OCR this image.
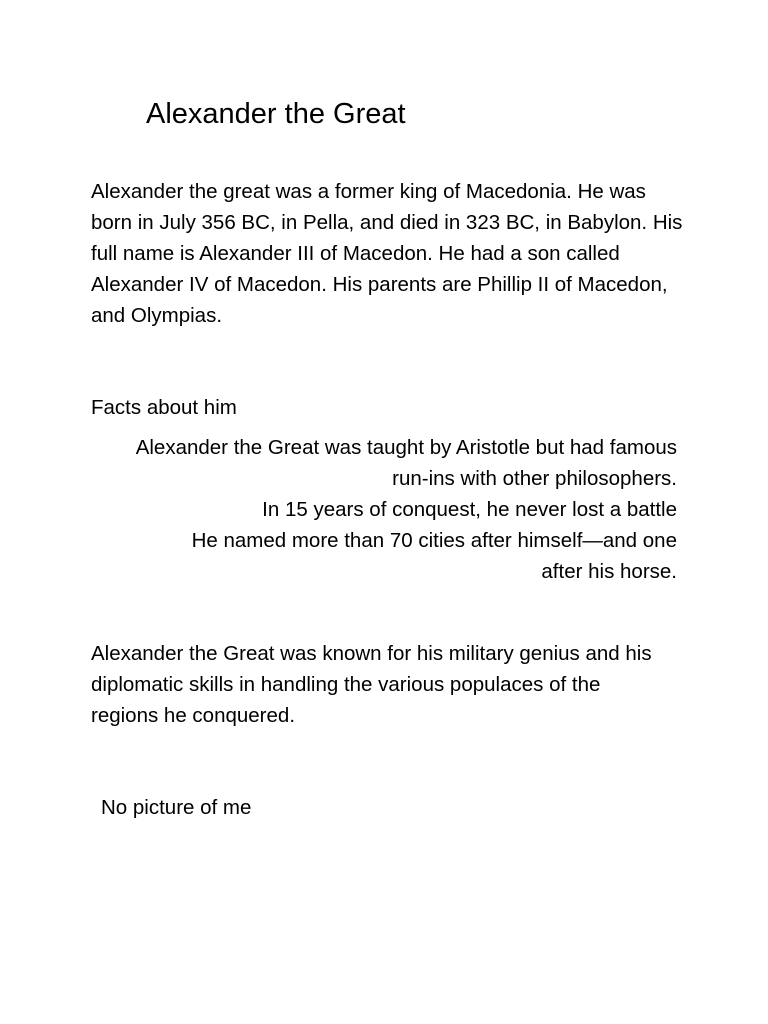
Alexander the Great

Alexander the great was a former king of Macedonia. He was
born in July 356 BC, in Pella, and died in 323 BC, in Babylon. His
full name is Alexander III of Macedon. He had a son called
Alexander IV of Macedon. His parents are Phillip II of Macedon,
and Olympias.

Facts about him

Alexander the Great was taught by Aristotle but had famous
run-ins with other philosophers.
In 15 years of conquest, he never lost a battle
He named more than 70 cities after himself—and one
after his horse.

Alexander the Great was known for his military genius and his
diplomatic skills in handling the various populaces of the
regions he conquered.

No picture of me
